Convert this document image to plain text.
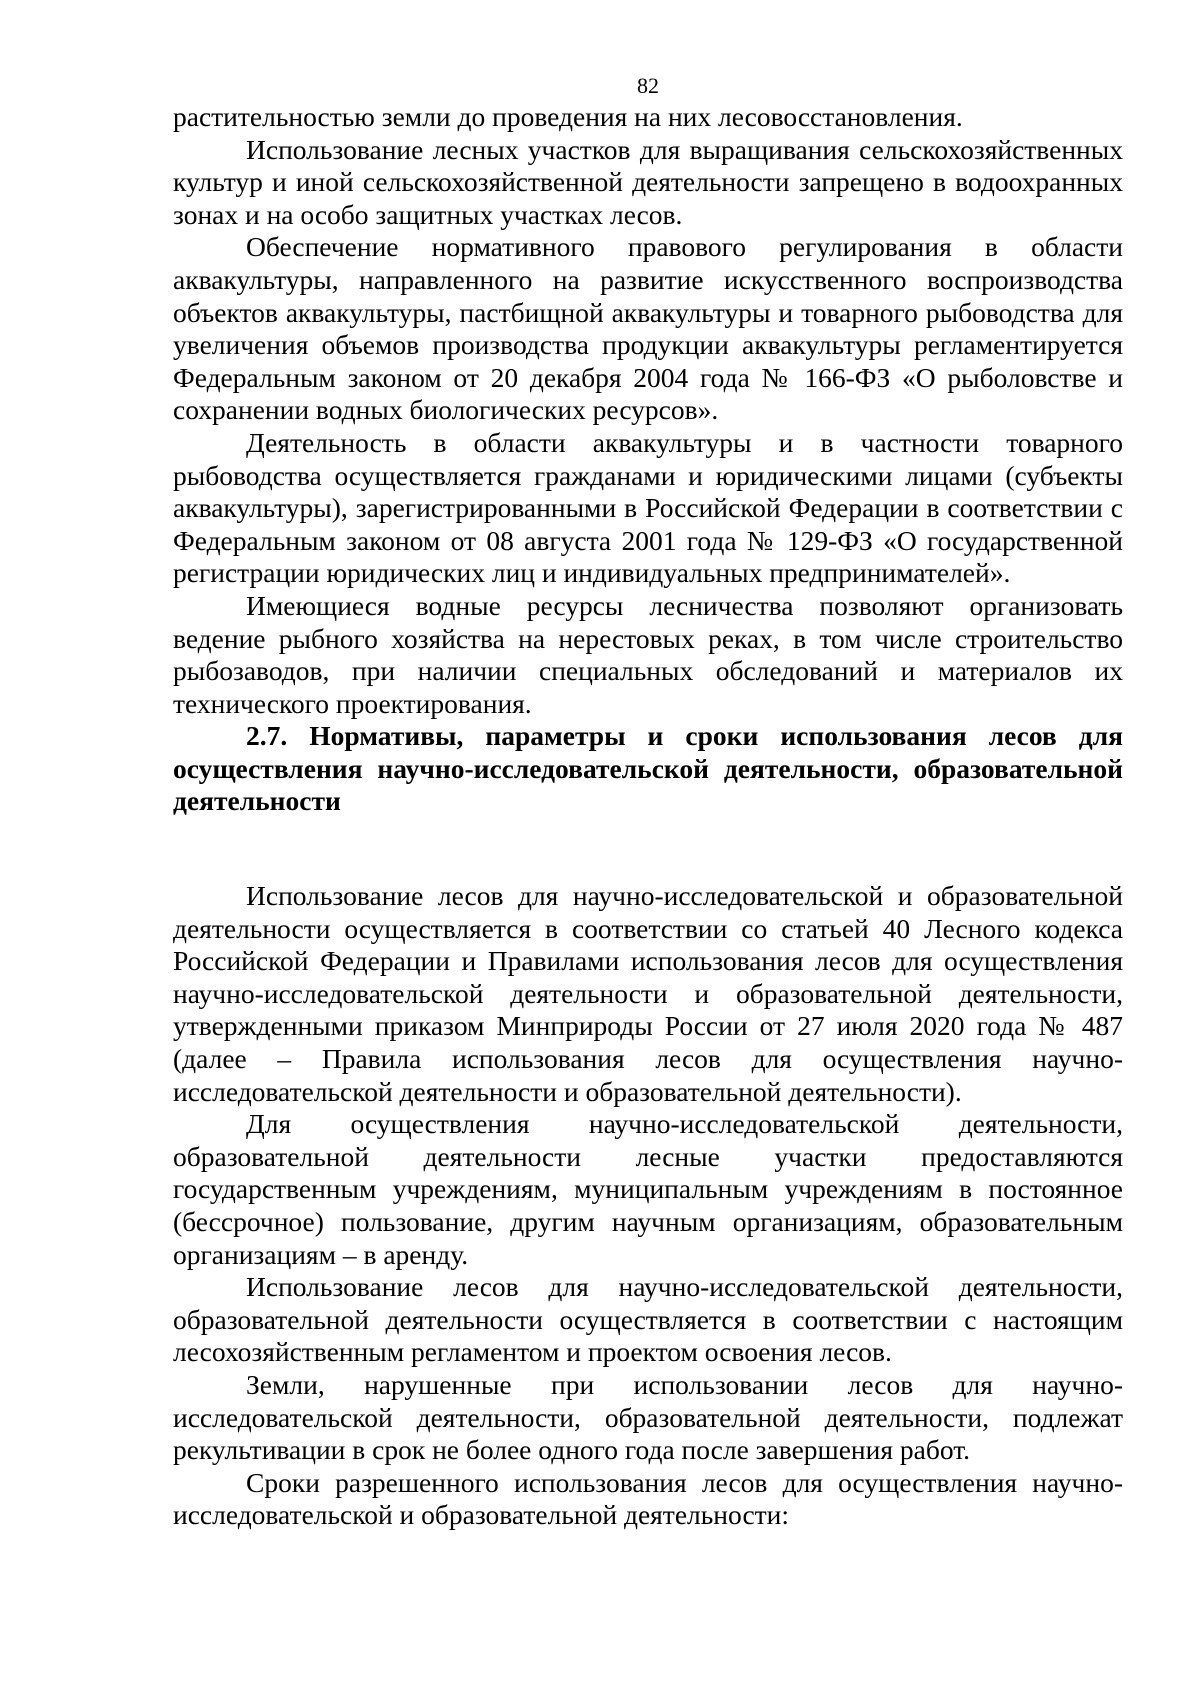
82

растительностью земли до проведения на них лесовосстановления.

Использование лесных участков для выращивания сельскохозяйственных культур и иной сельскохозяйственной деятельности запрещено в водоохранных зонах и на особо защитных участках лесов.

Обеспечение нормативного правового регулирования в области аквакультуры, направленного на развитие искусственного воспроизводства объектов аквакультуры, пастбищной аквакультуры и товарного рыбоводства для увеличения объемов производства продукции аквакультуры регламентируется Федеральным законом от 20 декабря 2004 года № 166-ФЗ «О рыболовстве и сохранении водных биологических ресурсов».

Деятельность в области аквакультуры и в частности товарного рыбоводства осуществляется гражданами и юридическими лицами (субъекты аквакультуры), зарегистрированными в Российской Федерации в соответствии с Федеральным законом от 08 августа 2001 года № 129-ФЗ «О государственной регистрации юридических лиц и индивидуальных предпринимателей».

Имеющиеся водные ресурсы лесничества позволяют организовать ведение рыбного хозяйства на нерестовых реках, в том числе строительство рыбозаводов, при наличии специальных обследований и материалов их технического проектирования.

2.7. Нормативы, параметры и сроки использования лесов для осуществления научно-исследовательской деятельности, образовательной деятельности

Использование лесов для научно-исследовательской и образовательной деятельности осуществляется в соответствии со статьей 40 Лесного кодекса Российской Федерации и Правилами использования лесов для осуществления научно-исследовательской деятельности и образовательной деятельности, утвержденными приказом Минприроды России от 27 июля 2020 года № 487 (далее – Правила использования лесов для осуществления научно-исследовательской деятельности и образовательной деятельности).

Для осуществления научно-исследовательской деятельности, образовательной деятельности лесные участки предоставляются государственным учреждениям, муниципальным учреждениям в постоянное (бессрочное) пользование, другим научным организациям, образовательным организациям – в аренду.

Использование лесов для научно-исследовательской деятельности, образовательной деятельности осуществляется в соответствии с настоящим лесохозяйственным регламентом и проектом освоения лесов.

Земли, нарушенные при использовании лесов для научно-исследовательской деятельности, образовательной деятельности, подлежат рекультивации в срок не более одного года после завершения работ.

Сроки разрешенного использования лесов для осуществления научно-исследовательской и образовательной деятельности:
